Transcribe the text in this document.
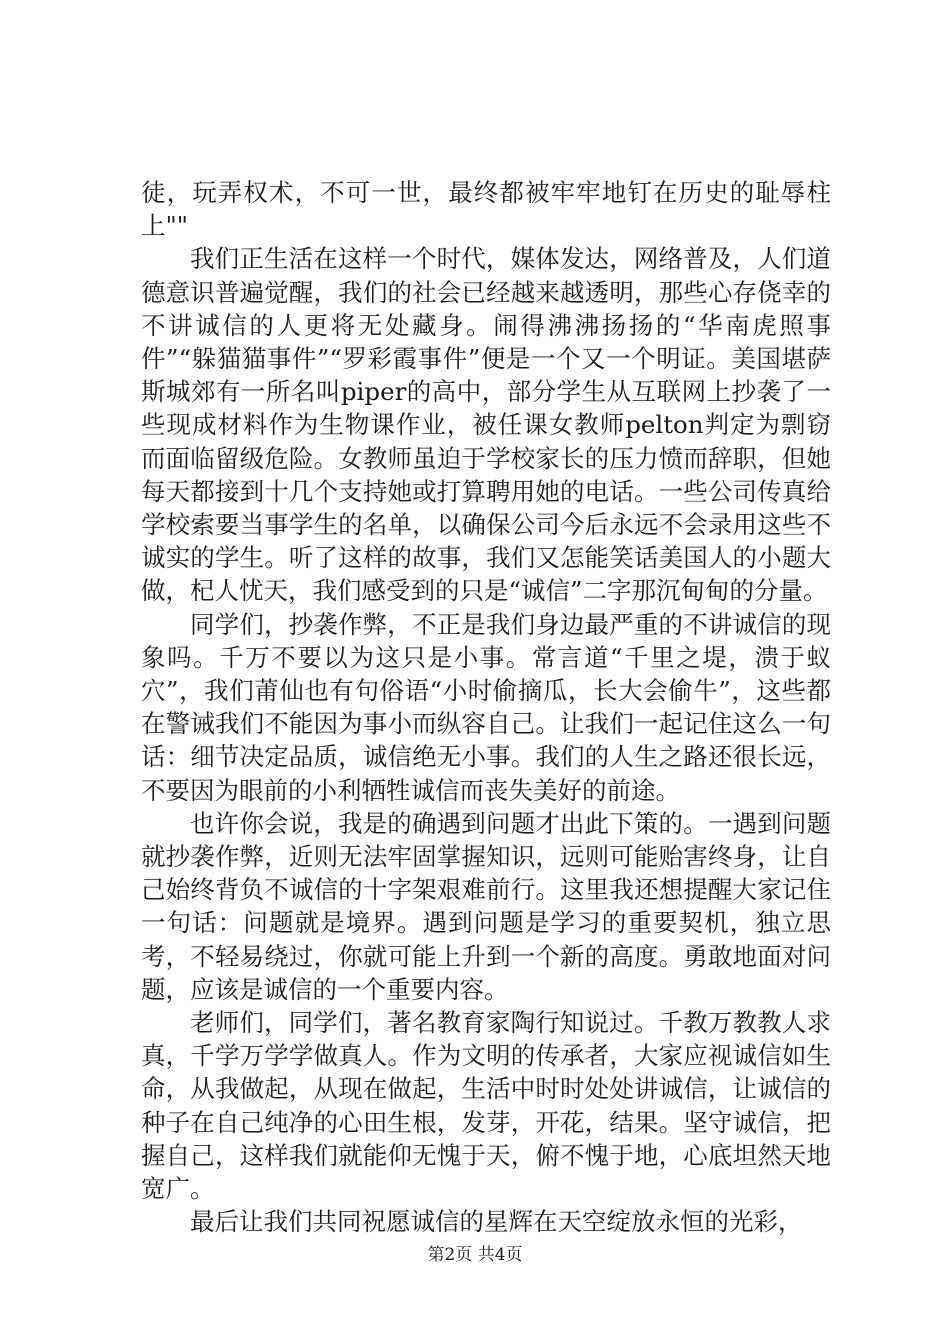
徒，玩弄权术，不可一世，最终都被牢牢地钉在历史的耻辱柱上""

我们正生活在这样一个时代，媒体发达，网络普及，人们道德意识普遍觉醒，我们的社会已经越来越透明，那些心存侥幸的不讲诚信的人更将无处藏身。闹得沸沸扬扬的“华南虎照事件”“躲猫猫事件”“罗彩霞事件”便是一个又一个明证。美国堪萨斯城郊有一所名叫piper的高中，部分学生从互联网上抄袭了一些现成材料作为生物课作业，被任课女教师pelton判定为剽窃而面临留级危险。女教师虽迫于学校家长的压力愤而辞职，但她每天都接到十几个支持她或打算聘用她的电话。一些公司传真给学校索要当事学生的名单，以确保公司今后永远不会录用这些不诚实的学生。听了这样的故事，我们又怎能笑话美国人的小题大做，杞人忧天，我们感受到的只是“诚信”二字那沉甸甸的分量。

同学们，抄袭作弊，不正是我们身边最严重的不讲诚信的现象吗。千万不要以为这只是小事。常言道“千里之堤，溃于蚁穴”，我们莆仙也有句俗语“小时偷摘瓜，长大会偷牛”，这些都在警诫我们不能因为事小而纵容自己。让我们一起记住这么一句话：细节决定品质，诚信绝无小事。我们的人生之路还很长远，不要因为眼前的小利牺牲诚信而丧失美好的前途。

也许你会说，我是的确遇到问题才出此下策的。一遇到问题就抄袭作弊，近则无法牢固掌握知识，远则可能贻害终身，让自己始终背负不诚信的十字架艰难前行。这里我还想提醒大家记住一句话：问题就是境界。遇到问题是学习的重要契机，独立思考，不轻易绕过，你就可能上升到一个新的高度。勇敢地面对问题，应该是诚信的一个重要内容。

老师们，同学们，著名教育家陶行知说过。千教万教教人求真，千学万学学做真人。作为文明的传承者，大家应视诚信如生命，从我做起，从现在做起，生活中时时处处讲诚信，让诚信的种子在自己纯净的心田生根，发芽，开花，结果。坚守诚信，把握自己，这样我们就能仰无愧于天，俯不愧于地，心底坦然天地宽广。

最后让我们共同祝愿诚信的星辉在天空绽放永恒的光彩，

第2页 共4页
